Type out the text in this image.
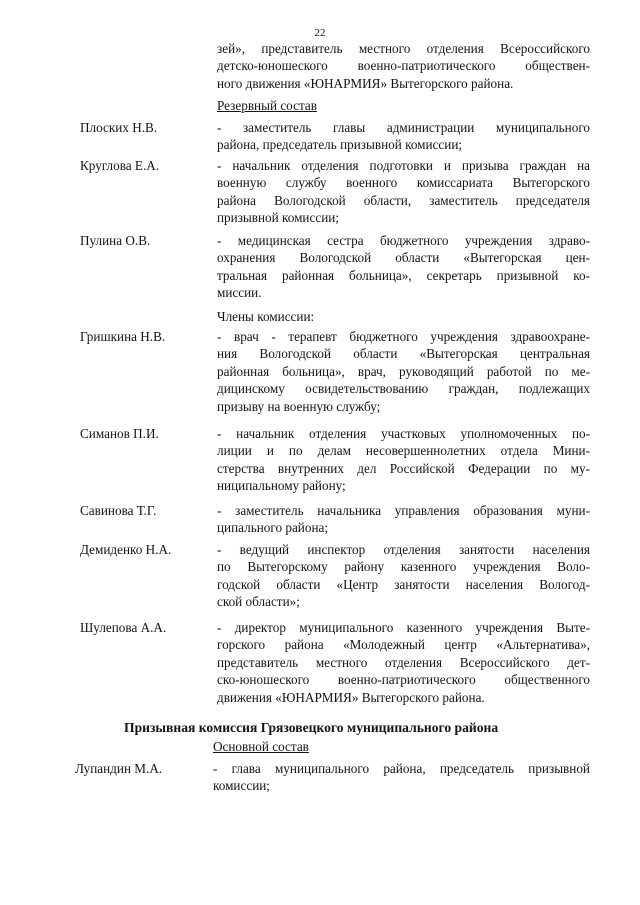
22
зей», представитель местного отделения Всероссийского
детско-юношеского военно-патриотического обществен-
ного движения «ЮНАРМИЯ» Вытегорского района.
Резервный состав
Плоских Н.В.	- заместитель главы администрации муниципального
района, председатель призывной комиссии;
Круглова Е.А.	- начальник отделения подготовки и призыва граждан на
военную службу военного комиссариата Вытегорского
района Вологодской области, заместитель председателя
призывной комиссии;
Пулина О.В.	- медицинская сестра бюджетного учреждения здраво-
охранения Вологодской области «Вытегорская цен-
тральная районная больница», секретарь призывной ко-
миссии.
Члены комиссии:
Гришкина Н.В.	- врач - терапевт бюджетного учреждения здравоохране-
ния Вологодской области «Вытегорская центральная
районная больница», врач, руководящий работой по ме-
дицинскому освидетельствованию граждан, подлежащих
призыву на военную службу;
Симанов П.И.	- начальник отделения участковых уполномоченных по-
лиции и по делам несовершеннолетних отдела Мини-
стерства внутренних дел Российской Федерации по му-
ниципальному району;
Савинова Т.Г.	- заместитель начальника управления образования муни-
ципального района;
Демиденко Н.А.	- ведущий инспектор отделения занятости населения
по Вытегорскому району казенного учреждения Воло-
годской области «Центр занятости населения Вологод-
ской области»;
Шулепова А.А.	- директор муниципального казенного учреждения Выте-
горского района «Молодежный центр «Альтернатива»,
представитель местного отделения Всероссийского дет-
ско-юношеского военно-патриотического общественного
движения «ЮНАРМИЯ» Вытегорского района.
Призывная комиссия Грязовецкого муниципального района
Основной состав
Лупандин М.А.	- глава муниципального района, председатель призывной
комиссии;
